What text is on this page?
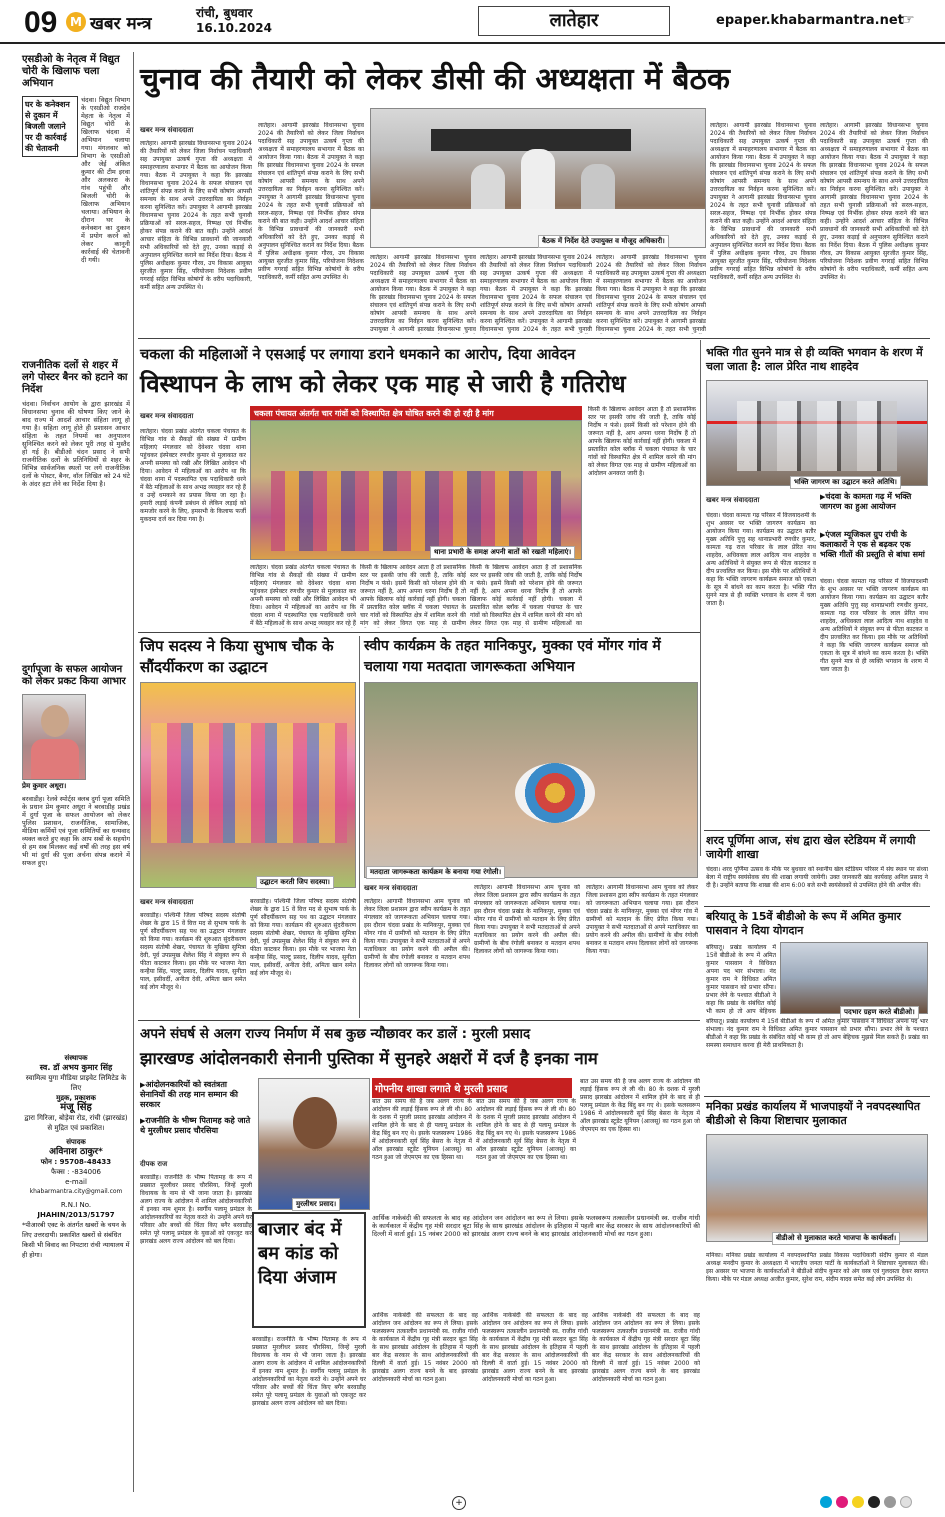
09	M खबर मन्त्र
रांची, बुधवार
16.10.2024	लातेहार	epaper.khabarmantra.net
☞
एसडीओ के नेतृत्व में विद्युत चोरी के खिलाफ चला अभियान
घर के कनेक्शन से दुकान में बिजली जलाने पर दी कार्रवाई की चेतावनी
चंदवा। विद्युत विभाग के एसडीओ राजदेव मेहता के नेतृत्व में विद्युत चोरी के खिलाफ चंदवा में अभियान चलाया गया। मंगलवार को विभाग के एसडीओ और जेई अंकित कुमार की टीम इरवा और अलकारा के गांव पहुंची और बिजली चोरी के खिलाफ अभियान चलाया। अभियान के दौरान घर के कनेक्शन का दुकान में प्रयोग करने को लेकर कानूनी कार्रवाई की चेतावनी दी गयी।
राजनीतिक दलों से शहर में लगे पोस्टर बैनर को हटाने का निर्देश
चंदवा। निर्वाचन आयोग के द्वारा झारखंड में विधानसभा चुनाव की घोषणा किए जाने के बाद राज्य में आदर्श आचार संहिता लागू हो गया है। सहिता लागू होते ही प्रशासन आचार संहिता के तहत नियमों का अनुपालन सुनिश्चित करने को लेकर पूरी तरह से मुस्तैद हो गई है। बीडीओ चंदन प्रसाद ने सभी राजनीतिक दलों के प्रतिनिधियों से शहर के विभिन्न सार्वजनिक स्थलों पर लगे राजनीतिक दलों के पोस्टर, बैनर, वॉल लिखित को 24 घंटे के अंदर हटा लेने का निर्देश दिया है।
दुर्गापूजा के सफल आयोजन को लेकर प्रकट किया आभार
प्रेम कुमार अधूरा।
बरवाडीह। रेलवे स्पोर्ट्स क्लब दुर्गा पूजा समिति के प्रधान प्रेम कुमार अधूरा ने बरवाडीह प्रखंड में दुर्गा पूजा के सफल आयोजन को लेकर पुलिस प्रशासन, राजनीतिक, सामाजिक, मीडिया कर्मियों एवं पूजा समितियों का धन्यवाद व्यक्त करते हुए कहा कि आप सबों के सहयोग से हम सब मिलकर कई वर्षों की तरह इस वर्ष भी मां दुर्गा की पूजा अर्चना संपन्न कराने में सफल हुए।
संस्थापक
स्व. डॉ अभय कुमार सिंह
स्वामित्व युगा मीडिया प्राइवेट लिमिटेड के लिए
मुद्रक, प्रकाशक
मंजू सिंह
द्वारा गिरिजा, बोड़ेया रोड, रांची (झारखंड) से मुद्रित एवं प्रकाशित।
संपादक
अविनाश ठाकुर*
फोन : 95708-48433
फैक्स : -834006
e-mail
khabarmantra.city@gmail.com
R.N.I No.
JHAHIN/2013/51797
*पीआरबी एक्ट के अंतर्गत खबरों के चयन के लिए उत्तरदायी। प्रकाशित खबरों से संबंधित किसी भी विवाद का निपटारा रांची न्यायालय में ही होगा।
चुनाव की तैयारी को लेकर डीसी की अध्यक्षता में बैठक
खबर मन्त्र संवाददाता
लातेहार। आगामी झारखंड विधानसभा चुनाव 2024 की तैयारियों को लेकर जिला निर्वाचन पदाधिकारी सह उपायुक्त उत्कर्ष गुप्ता की अध्यक्षता में समाहरणालय सभागार में बैठक का आयोजन किया गया। बैठक में उपायुक्त ने कहा कि झारखंड विधानसभा चुनाव 2024 के सफल संचालन एवं शांतिपूर्ण संपन्न कराने के लिए सभी कोषांग आपसी समन्वय के साथ अपने उत्तरदायित्व का निर्वहन करना सुनिश्चित करें। उपायुक्त ने आगामी झारखंड विधानसभा चुनाव 2024 के तहत सभी चुनावी प्रक्रियाओं को सरल-सहज, निष्पक्ष एवं निर्भीक होकर संपन्न कराने की बात कही। उन्होंने आदर्श आचार संहिता के विभिन्न प्रावधानों की जानकारी सभी अधिकारियों को देते हुए, उनका कड़ाई से अनुपालन सुनिश्चित कराने का निर्देश दिया। बैठक में पुलिस अधीक्षक कुमार गौरव, उप विकास आयुक्त सुरजीत कुमार सिंह, परियोजना निदेशक प्रवीण गगराई सहित विभिन्न कोषांगों के वरीय पदाधिकारी, कर्मी सहित अन्य उपस्थित थे।
लातेहार। आगामी झारखंड विधानसभा चुनाव 2024 की तैयारियों को लेकर जिला निर्वाचन पदाधिकारी सह उपायुक्त उत्कर्ष गुप्ता की अध्यक्षता में समाहरणालय सभागार में बैठक का आयोजन किया गया। बैठक में उपायुक्त ने कहा कि झारखंड विधानसभा चुनाव 2024 के सफल संचालन एवं शांतिपूर्ण संपन्न कराने के लिए सभी कोषांग आपसी समन्वय के साथ अपने उत्तरदायित्व का निर्वहन करना सुनिश्चित करें। उपायुक्त ने आगामी झारखंड विधानसभा चुनाव 2024 के तहत सभी चुनावी प्रक्रियाओं को सरल-सहज, निष्पक्ष एवं निर्भीक होकर संपन्न कराने की बात कही। उन्होंने आदर्श आचार संहिता के विभिन्न प्रावधानों की जानकारी सभी अधिकारियों को देते हुए, उनका कड़ाई से अनुपालन सुनिश्चित कराने का निर्देश दिया। बैठक में पुलिस अधीक्षक कुमार गौरव, उप विकास आयुक्त सुरजीत कुमार सिंह, परियोजना निदेशक प्रवीण गगराई सहित विभिन्न कोषांगों के वरीय पदाधिकारी, कर्मी सहित अन्य उपस्थित थे।
बैठक में निर्देश देते उपायुक्त व मौजूद अधिकारी।
लातेहार। आगामी झारखंड विधानसभा चुनाव 2024 की तैयारियों को लेकर जिला निर्वाचन पदाधिकारी सह उपायुक्त उत्कर्ष गुप्ता की अध्यक्षता में समाहरणालय सभागार में बैठक का आयोजन किया गया। बैठक में उपायुक्त ने कहा कि झारखंड विधानसभा चुनाव 2024 के सफल संचालन एवं शांतिपूर्ण संपन्न कराने के लिए सभी कोषांग आपसी समन्वय के साथ अपने उत्तरदायित्व का निर्वहन करना सुनिश्चित करें। उपायुक्त ने आगामी झारखंड विधानसभा चुनाव
लातेहार। आगामी झारखंड विधानसभा चुनाव 2024 की तैयारियों को लेकर जिला निर्वाचन पदाधिकारी सह उपायुक्त उत्कर्ष गुप्ता की अध्यक्षता में समाहरणालय सभागार में बैठक का आयोजन किया गया। बैठक में उपायुक्त ने कहा कि झारखंड विधानसभा चुनाव 2024 के सफल संचालन एवं शांतिपूर्ण संपन्न कराने के लिए सभी कोषांग आपसी समन्वय के साथ अपने उत्तरदायित्व का निर्वहन करना सुनिश्चित करें। उपायुक्त ने आगामी झारखंड विधानसभा चुनाव 2024 के तहत सभी चुनावी
लातेहार। आगामी झारखंड विधानसभा चुनाव 2024 की तैयारियों को लेकर जिला निर्वाचन पदाधिकारी सह उपायुक्त उत्कर्ष गुप्ता की अध्यक्षता में समाहरणालय सभागार में बैठक का आयोजन किया गया। बैठक में उपायुक्त ने कहा कि झारखंड विधानसभा चुनाव 2024 के सफल संचालन एवं शांतिपूर्ण संपन्न कराने के लिए सभी कोषांग आपसी समन्वय के साथ अपने उत्तरदायित्व का निर्वहन करना सुनिश्चित करें। उपायुक्त ने आगामी झारखंड विधानसभा चुनाव 2024 के तहत सभी चुनावी
लातेहार। आगामी झारखंड विधानसभा चुनाव 2024 की तैयारियों को लेकर जिला निर्वाचन पदाधिकारी सह उपायुक्त उत्कर्ष गुप्ता की अध्यक्षता में समाहरणालय सभागार में बैठक का आयोजन किया गया। बैठक में उपायुक्त ने कहा कि झारखंड विधानसभा चुनाव 2024 के सफल संचालन एवं शांतिपूर्ण संपन्न कराने के लिए सभी कोषांग आपसी समन्वय के साथ अपने उत्तरदायित्व का निर्वहन करना सुनिश्चित करें। उपायुक्त ने आगामी झारखंड विधानसभा चुनाव 2024 के तहत सभी चुनावी प्रक्रियाओं को सरल-सहज, निष्पक्ष एवं निर्भीक होकर संपन्न कराने की बात कही। उन्होंने आदर्श आचार संहिता के विभिन्न प्रावधानों की जानकारी सभी अधिकारियों को देते हुए, उनका कड़ाई से अनुपालन सुनिश्चित कराने का निर्देश दिया। बैठक में पुलिस अधीक्षक कुमार गौरव, उप विकास आयुक्त सुरजीत कुमार सिंह, परियोजना निदेशक प्रवीण गगराई सहित विभिन्न कोषांगों के वरीय पदाधिकारी, कर्मी सहित अन्य उपस्थित थे।
लातेहार। आगामी झारखंड विधानसभा चुनाव 2024 की तैयारियों को लेकर जिला निर्वाचन पदाधिकारी सह उपायुक्त उत्कर्ष गुप्ता की अध्यक्षता में समाहरणालय सभागार में बैठक का आयोजन किया गया। बैठक में उपायुक्त ने कहा कि झारखंड विधानसभा चुनाव 2024 के सफल संचालन एवं शांतिपूर्ण संपन्न कराने के लिए सभी कोषांग आपसी समन्वय के साथ अपने उत्तरदायित्व का निर्वहन करना सुनिश्चित करें। उपायुक्त ने आगामी झारखंड विधानसभा चुनाव 2024 के तहत सभी चुनावी प्रक्रियाओं को सरल-सहज, निष्पक्ष एवं निर्भीक होकर संपन्न कराने की बात कही। उन्होंने आदर्श आचार संहिता के विभिन्न प्रावधानों की जानकारी सभी अधिकारियों को देते हुए, उनका कड़ाई से अनुपालन सुनिश्चित कराने का निर्देश दिया। बैठक में पुलिस अधीक्षक कुमार गौरव, उप विकास आयुक्त सुरजीत कुमार सिंह, परियोजना निदेशक प्रवीण गगराई सहित विभिन्न कोषांगों के वरीय पदाधिकारी, कर्मी सहित अन्य उपस्थित थे।
चकला की महिलाओं ने एसआई पर लगाया डराने धमकाने का आरोप, दिया आवेदन
विस्थापन के लाभ को लेकर एक माह से जारी है गतिरोध
खबर मन्त्र संवाददाता
लातेहार। चंदवा प्रखंड अंतर्गत चकला पंचायत के विभिन्न गांव से सैकड़ों की संख्या में ग्रामीण महिलाएं मंगलवार को देवेश्वर चंदवा थाना पहुंचकर इंस्पेक्टर रणधीर कुमार से मुलाकात कर अपनी समस्या को रखी और लिखित आवेदन भी दिया। आवेदन में महिलाओं का आरोप था कि चंदवा थाना में पदस्थापित एक पदाधिकारी धरने में बैठे महिलाओं के साथ अभद्र व्यवहार कर रहे हैं व उन्हें धमकाने का प्रयास किया जा रहा है। हमारी लड़ाई कंपनी प्रबंधन से लेकिन लड़ाई को कमजोर करने के लिए, हमसभी के किलाफ फर्जी मुकदमा दर्ज कर दिया गया है।
चकला पंचायत अंतर्गत चार गांवों को विस्थापित क्षेत्र घोषित करने की हो रही है मांग
थाना प्रभारी के समक्ष अपनी बातों को रखती महिलाएं।
लातेहार। चंदवा प्रखंड अंतर्गत चकला पंचायत के विभिन्न गांव से सैकड़ों की संख्या में ग्रामीण महिलाएं मंगलवार को देवेश्वर चंदवा थाना पहुंचकर इंस्पेक्टर रणधीर कुमार से मुलाकात कर अपनी समस्या को रखी और लिखित आवेदन भी दिया। आवेदन में महिलाओं का आरोप था कि चंदवा थाना में पदस्थापित एक पदाधिकारी धरने में बैठे महिलाओं के साथ अभद्र व्यवहार कर रहे हैं
किसी के खिलाफ आवेदन आता है तो प्रशासनिक स्तर पर इसकी जांच की जाती है, ताकि कोई निर्दोष न फंसे। इसमें किसी को परेशान होने की जरूरत नहीं है, आप अपना धरना निर्दोष हैं तो आपके खिलाफ कोई कार्रवाई नहीं होगी। चकला में प्रस्तावित कोल ब्लॉक में चकला पंचायत के चार गांवों को विस्थापित क्षेत्र में शामिल करने की मांग को लेकर विगत एक माह से ग्रामीण
किसी के खिलाफ आवेदन आता है तो प्रशासनिक स्तर पर इसकी जांच की जाती है, ताकि कोई निर्दोष न फंसे। इसमें किसी को परेशान होने की जरूरत नहीं है, आप अपना धरना निर्दोष हैं तो आपके खिलाफ कोई कार्रवाई नहीं होगी। चकला में प्रस्तावित कोल ब्लॉक में चकला पंचायत के चार गांवों को विस्थापित क्षेत्र में शामिल करने की मांग को लेकर विगत एक माह से ग्रामीण महिलाओं का
किसी के खिलाफ आवेदन आता है तो प्रशासनिक स्तर पर इसकी जांच की जाती है, ताकि कोई निर्दोष न फंसे। इसमें किसी को परेशान होने की जरूरत नहीं है, आप अपना धरना निर्दोष हैं तो आपके खिलाफ कोई कार्रवाई नहीं होगी। चकला में प्रस्तावित कोल ब्लॉक में चकला पंचायत के चार गांवों को विस्थापित क्षेत्र में शामिल करने की मांग को लेकर विगत एक माह से ग्रामीण महिलाओं का आंदोलन अनवरत जारी है।
भक्ति गीत सुनने मात्र से ही व्यक्ति भगवान के शरण में चला जाता है: लाल प्रेरित नाथ शाहदेव
भक्ति जागरण का उद्घाटन करते अतिथि।
खबर मन्त्र संवाददाता
▶	चंदवा के कामता गढ़ में भक्ति जागरण का हुआ आयोजन
▶ एंजल म्यूजिकल ग्रुप रांची के कलाकारों ने एक से बढ़कर एक भक्ति गीतों की प्रस्तुति से बांधा समां
चंदवा। चंदवा कामता गढ़ परिसर में विजयादशमी के शुभ अवसर पर भक्ति जागरण कार्यक्रम का आयोजन किया गया। कार्यक्रम का उद्घाटन बतौर मुख्य अतिथि पुत्तु सह थानाप्रभारी रणधीर कुमार, कामता गढ़ राज परिवार के लाल प्रेरित नाथ शाहदेव, अधिवक्ता लाल आदित्य नाथ शाहदेव व अन्य अतिथियों ने संयुक्त रूप से फीता काटकर व दीप प्रज्वलित कर किया। इस मौके पर अतिथियों ने कहा कि भक्ति जागरण कार्यक्रम समाज को एकता के सूत्र में बांधने का काम करता है। भक्ति गीत सुनने मात्र से ही व्यक्ति भगवान के शरण में चला जाता है।
चंदवा। चंदवा कामता गढ़ परिसर में विजयादशमी के शुभ अवसर पर भक्ति जागरण कार्यक्रम का आयोजन किया गया। कार्यक्रम का उद्घाटन बतौर मुख्य अतिथि पुत्तु सह थानाप्रभारी रणधीर कुमार, कामता गढ़ राज परिवार के लाल प्रेरित नाथ शाहदेव, अधिवक्ता लाल आदित्य नाथ शाहदेव व अन्य अतिथियों ने संयुक्त रूप से फीता काटकर व दीप प्रज्वलित कर किया। इस मौके पर अतिथियों ने कहा कि भक्ति जागरण कार्यक्रम समाज को एकता के सूत्र में बांधने का काम करता है। भक्ति गीत सुनने मात्र से ही व्यक्ति भगवान के शरण में चला जाता है।
शरद पूर्णिमा आज, संध द्वारा खेल स्टेडियम में लगायी जायेगी शाखा
चंदवा। शरद पूर्णिमा उत्सव के मौके पर बुधवार को स्थानीय खेल स्टेडियम परिसर में संघ स्थान पर संध्या बेला में राष्ट्रीय स्वयंसेवक संघ की शाखा लगायी जायेगी। उक्त जानकारी खंड कार्यवाह अनिल प्रसाद ने दी है। उन्होंने बताया कि शाखा की शाम 6:00 बजे सभी स्वयंसेवकों से उपस्थित होने की अपील की।
बरियातू के 15वें बीडीओ के रूप में अमित कुमार पासवान ने दिया योगदान
बरियातू। प्रखंड कार्यालय में 15वें बीडीओ के रूप में अमित कुमार पासवान ने विधिवत अपना पद भार संभाला। नंद कुमार राम ने विधिवत अमित कुमार पासवान को प्रभार सौंपा। प्रभार लेने के पश्चात बीडीओ ने कहा कि प्रखंड के संबंधित कोई भी काम हो तो आप बेहिचक	पदभार ग्रहण करते बीडीओ।
बरियातू। प्रखंड कार्यालय में 15वें बीडीओ के रूप में अमित कुमार पासवान ने विधिवत अपना पद भार संभाला। नंद कुमार राम ने विधिवत अमित कुमार पासवान को प्रभार सौंपा। प्रभार लेने के पश्चात बीडीओ ने कहा कि प्रखंड के संबंधित कोई भी काम हो तो आप बेहिचक मुझसे मिल सकते हैं। प्रखंड का समस्या समाधान करना ही मेरी प्राथमिकता है।
मनिका प्रखंड कार्यालय में भाजपाइयों ने नवपदस्थापित बीडीओ से किया शिष्टाचार मुलाकात
बीडीओ से मुलाकात करते भाजपा के कार्यकर्ता।
मनिका। मनिका प्रखंड कार्यालय में नवपदस्थापित प्रखंड विकास पदाधिकारी संदीप कुमार से मंडल अध्यक्ष मनदीप कुमार के अध्यक्षता में भारतीय जनता पार्टी के कार्यकर्ताओं ने शिष्टाचार मुलाकात की। इस अवसर पर भाजपा के कार्यकर्ताओं ने बीडीओ संदीप कुमार को अंग वस्त्र एवं गुलदस्ता देकर स्वागत किया। मौके पर मंडल अध्यक्ष अजीत कुमार, सुरेश राम, संदीप यादव समेत कई लोग उपस्थित थे।
जिप सदस्य ने किया सुभाष चौक के सौंदर्यीकरण का उद्घाटन
उद्घाटन करती जिप सदस्या।
खबर मन्त्र संवाददाता
बरवाडीह। पश्चिमी जिला परिषद सदस्य संतोषी शेखर के द्वारा 15 वें वित्त मद से सुभाष पार्क के पूर्ण सौंदर्यीकरण सह पथ का उद्घाटन मंगलवार को किया गया। कार्यक्रम की शुरुआत सुंदरीकरण सदस्य संतोषी शेखर, पंचायत के मुखिया सुमित्रा देवी, पूर्व उपप्रमुख शैलेश सिंह ने संयुक्त रूप से फीता काटकर किया। इस मौके पर भाजपा नेता कन्हैया सिंह, पाल्टू प्रसाद, दिलीप यादव, सुनीता पाल, इसीवर्दी, अनीता देवी, अमिता खान समेत कई लोग मौजूद थे।
बरवाडीह। पश्चिमी जिला परिषद सदस्य संतोषी शेखर के द्वारा 15 वें वित्त मद से सुभाष पार्क के पूर्ण सौंदर्यीकरण सह पथ का उद्घाटन मंगलवार को किया गया। कार्यक्रम की शुरुआत सुंदरीकरण सदस्य संतोषी शेखर, पंचायत के मुखिया सुमित्रा देवी, पूर्व उपप्रमुख शैलेश सिंह ने संयुक्त रूप से फीता काटकर किया। इस मौके पर भाजपा नेता कन्हैया सिंह, पाल्टू प्रसाद, दिलीप यादव, सुनीता पाल, इसीवर्दी, अनीता देवी, अमिता खान समेत कई लोग मौजूद थे।
स्वीप कार्यक्रम के तहत मानिकपुर, मुक्का एवं मोंगर गांव में चलाया गया मतदाता जागरूकता अभियान
मतदाता जागरूकता कार्यक्रम के बनाया गया रंगोली।
खबर मन्त्र संवाददाता
लातेहार। आगामी विधानसभा आम चुनाव को लेकर जिला प्रशासन द्वारा स्वीप कार्यक्रम के तहत मंगलवार को जागरूकता अभियान चलाया गया। इस दौरान चंदवा प्रखंड के मानिकपुर, मुक्का एवं मोंगर गांव में ग्रामीणों को मतदान के लिए प्रेरित किया गया। उपायुक्त ने सभी मतदाताओं से अपने मताधिकार का प्रयोग करने की अपील की। ग्रामीणों के बीच रंगोली बनाकर व मतदान शपथ दिलाकर लोगों को जागरूक किया गया।
लातेहार। आगामी विधानसभा आम चुनाव को लेकर जिला प्रशासन द्वारा स्वीप कार्यक्रम के तहत मंगलवार को जागरूकता अभियान चलाया गया। इस दौरान चंदवा प्रखंड के मानिकपुर, मुक्का एवं मोंगर गांव में ग्रामीणों को मतदान के लिए प्रेरित किया गया। उपायुक्त ने सभी मतदाताओं से अपने मताधिकार का प्रयोग करने की अपील की। ग्रामीणों के बीच रंगोली बनाकर व मतदान शपथ दिलाकर लोगों को जागरूक किया गया।
लातेहार। आगामी विधानसभा आम चुनाव को लेकर जिला प्रशासन द्वारा स्वीप कार्यक्रम के तहत मंगलवार को जागरूकता अभियान चलाया गया। इस दौरान चंदवा प्रखंड के मानिकपुर, मुक्का एवं मोंगर गांव में ग्रामीणों को मतदान के लिए प्रेरित किया गया। उपायुक्त ने सभी मतदाताओं से अपने मताधिकार का प्रयोग करने की अपील की। ग्रामीणों के बीच रंगोली बनाकर व मतदान शपथ दिलाकर लोगों को जागरूक किया गया।
अपने संघर्ष से अलग राज्य निर्माण में सब कुछ न्यौछावर कर डालें : मुरली प्रसाद
झारखण्ड आंदोलनकारी सेनानी पुस्तिका में सुनहरे अक्षरों में दर्ज है इनका नाम
▶ आंदोलनकारियों को स्वतंत्रता सेनानियों की तरह मान सम्मान की सरकार
▶ राजनीति के भीष्म पितामह कहे जाते थे मुरलीधर प्रसाद चौरसिया
दीपक राज
बरवाडीह। राजनीति के भीष्म पितामह के रूप में प्रख्यात मुरलीधर प्रसाद चौरसिया, जिन्हें मुरली विधायक के नाम से भी जाना जाता है। झारखंड अलग राज्य के आंदोलन में शामिल आंदोलनकारियों में इनका नाम शुमार है। स्वर्गीय पलामू प्रमंडल के आंदोलनकारियों का नेतृत्व करते थे। उन्होंने अपने घर परिवार और बच्चों की चिंता किए बगैर बरवाडीह समेत पूरे पलामू प्रमंडल के युवाओं को एकजुट कर झारखंड अलग राज्य आंदोलन को बल दिया।
मुरलीधर प्रसाद।
गोपनीय शाखा लगाते थे मुरली प्रसाद
बात उस समय की है जब अलग राज्य के आंदोलन की लड़ाई हिंसक रूप ले ली थी। 80 के दशक में मुरली प्रसाद झारखंड आंदोलन में शामिल होने के बाद से ही पलामू प्रमंडल के केंद्र बिंदु बन गए थे। इसके फलस्वरूप 1986 में आंदोलनकारी सूर्य सिंह बेसरा के नेतृत्व में ऑल झारखंड स्टूडेंट यूनियन (आजसू) का गठन हुआ जो जेएमएम का एक हिस्सा था।
बात उस समय की है जब अलग राज्य के आंदोलन की लड़ाई हिंसक रूप ले ली थी। 80 के दशक में मुरली प्रसाद झारखंड आंदोलन में शामिल होने के बाद से ही पलामू प्रमंडल के केंद्र बिंदु बन गए थे। इसके फलस्वरूप 1986 में आंदोलनकारी सूर्य सिंह बेसरा के नेतृत्व में ऑल झारखंड स्टूडेंट यूनियन (आजसू) का गठन हुआ जो जेएमएम का एक हिस्सा था।
बात उस समय की है जब अलग राज्य के आंदोलन की लड़ाई हिंसक रूप ले ली थी। 80 के दशक में मुरली प्रसाद झारखंड आंदोलन में शामिल होने के बाद से ही पलामू प्रमंडल के केंद्र बिंदु बन गए थे। इसके फलस्वरूप 1986 में आंदोलनकारी सूर्य सिंह बेसरा के नेतृत्व में ऑल झारखंड स्टूडेंट यूनियन (आजसू) का गठन हुआ जो जेएमएम का एक हिस्सा था।
बाजार बंद में बम कांड को दिया अंजाम
आर्थिक नाकेबंदी की सफलता के बाद वह आंदोलन जन आंदोलन का रूप ले लिया। इसके फलस्वरूप तत्कालीन प्रधानमंत्री स्व. राजीव गांधी के कार्यकाल में केंद्रीय गृह मंत्री सरदार बूटा सिंह के साथ झारखंड आंदोलन के इतिहास में पहली बार केंद्र सरकार के साथ आंदोलनकारियों की दिल्ली में वार्ता हुई। 15 नवंबर 2000 को झारखंड अलग राज्य बनने के बाद झारखंड आंदोलनकारी मोर्चा का गठन हुआ।
बरवाडीह। राजनीति के भीष्म पितामह के रूप में प्रख्यात मुरलीधर प्रसाद चौरसिया, जिन्हें मुरली विधायक के नाम से भी जाना जाता है। झारखंड अलग राज्य के आंदोलन में शामिल आंदोलनकारियों में इनका नाम शुमार है। स्वर्गीय पलामू प्रमंडल के आंदोलनकारियों का नेतृत्व करते थे। उन्होंने अपने घर परिवार और बच्चों की चिंता किए बगैर बरवाडीह समेत पूरे पलामू प्रमंडल के युवाओं को एकजुट कर झारखंड अलग राज्य आंदोलन को बल दिया।
आर्थिक नाकेबंदी की सफलता के बाद वह आंदोलन जन आंदोलन का रूप ले लिया। इसके फलस्वरूप तत्कालीन प्रधानमंत्री स्व. राजीव गांधी के कार्यकाल में केंद्रीय गृह मंत्री सरदार बूटा सिंह के साथ झारखंड आंदोलन के इतिहास में पहली बार केंद्र सरकार के साथ आंदोलनकारियों की दिल्ली में वार्ता हुई। 15 नवंबर 2000 को झारखंड अलग राज्य बनने के बाद झारखंड आंदोलनकारी मोर्चा का गठन हुआ।
आर्थिक नाकेबंदी की सफलता के बाद वह आंदोलन जन आंदोलन का रूप ले लिया। इसके फलस्वरूप तत्कालीन प्रधानमंत्री स्व. राजीव गांधी के कार्यकाल में केंद्रीय गृह मंत्री सरदार बूटा सिंह के साथ झारखंड आंदोलन के इतिहास में पहली बार केंद्र सरकार के साथ आंदोलनकारियों की दिल्ली में वार्ता हुई। 15 नवंबर 2000 को झारखंड अलग राज्य बनने के बाद झारखंड आंदोलनकारी मोर्चा का गठन हुआ।
आर्थिक नाकेबंदी की सफलता के बाद वह आंदोलन जन आंदोलन का रूप ले लिया। इसके फलस्वरूप तत्कालीन प्रधानमंत्री स्व. राजीव गांधी के कार्यकाल में केंद्रीय गृह मंत्री सरदार बूटा सिंह के साथ झारखंड आंदोलन के इतिहास में पहली बार केंद्र सरकार के साथ आंदोलनकारियों की दिल्ली में वार्ता हुई। 15 नवंबर 2000 को झारखंड अलग राज्य बनने के बाद झारखंड आंदोलनकारी मोर्चा का गठन हुआ।
+
